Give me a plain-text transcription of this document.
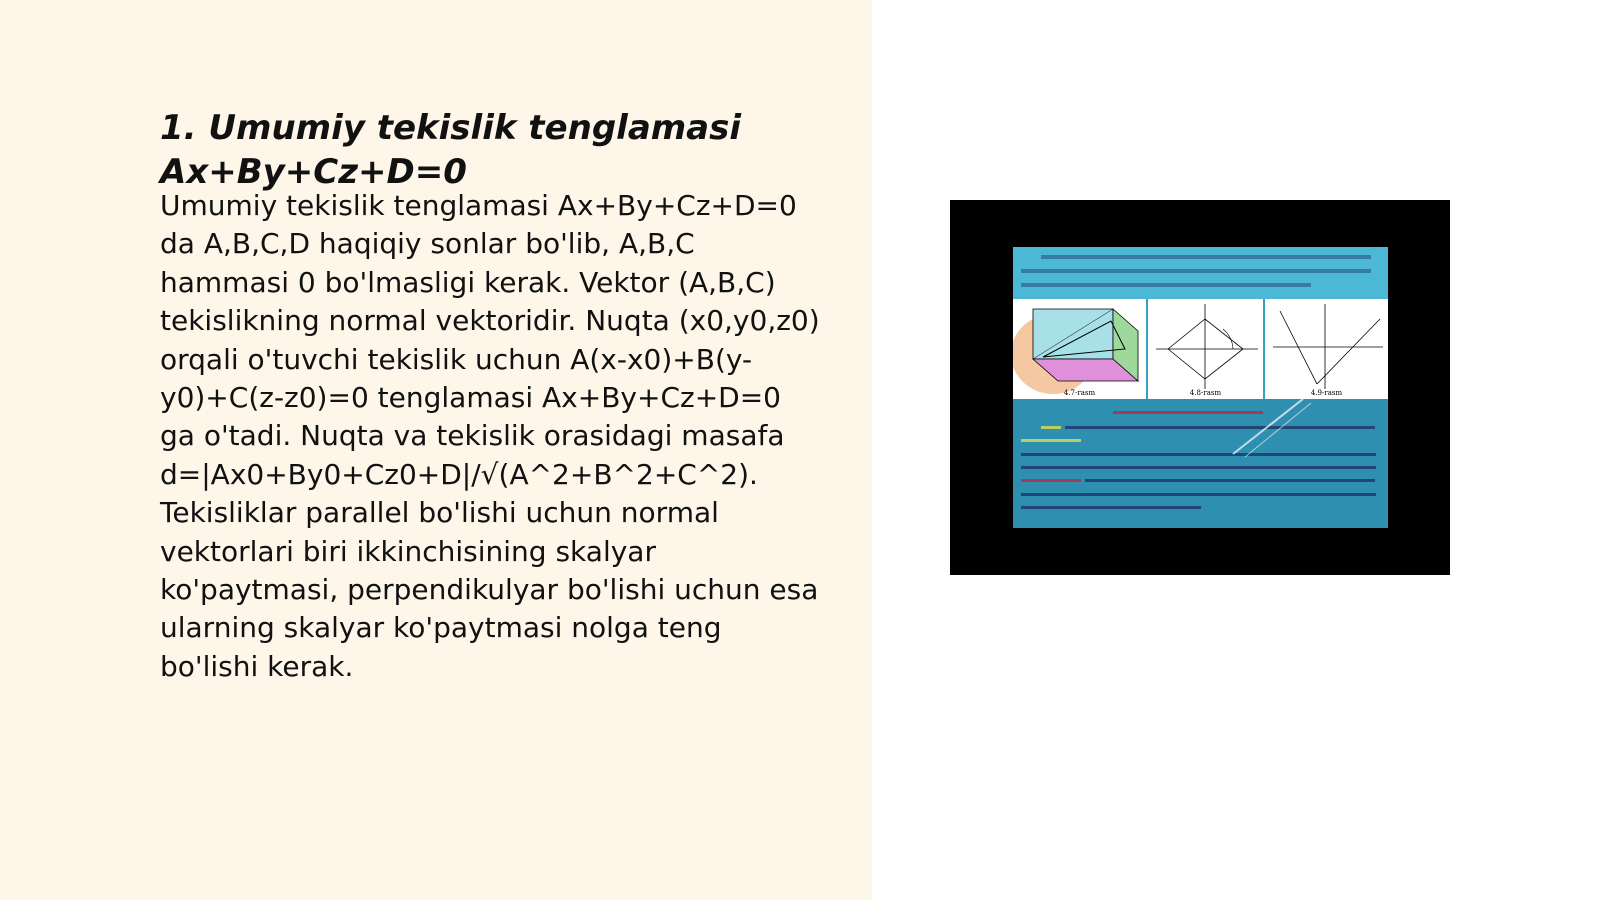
1. Umumiy tekislik tenglamasi
Ax+By+Cz+D=0

Umumiy tekislik tenglamasi Ax+By+Cz+D=0 da A,B,C,D haqiqiy sonlar bo'lib, A,B,C hammasi 0 bo'lmasligi kerak. Vektor (A,B,C) tekislikning normal vektoridir. Nuqta (x0,y0,z0) orqali o'tuvchi tekislik uchun A(x-x0)+B(y-y0)+C(z-z0)=0 tenglamasi Ax+By+Cz+D=0 ga o'tadi. Nuqta va tekislik orasidagi masafa d=|Ax0+By0+Cz0+D|/√(A^2+B^2+C^2). Tekisliklar parallel bo'lishi uchun normal vektorlari biri ikkinchisining skalyar ko'paytmasi, perpendikulyar bo'lishi uchun esa ularning skalyar ko'paytmasi nolga teng bo'lishi kerak.

4.7-rasm	4.8-rasm	4.9-rasm
